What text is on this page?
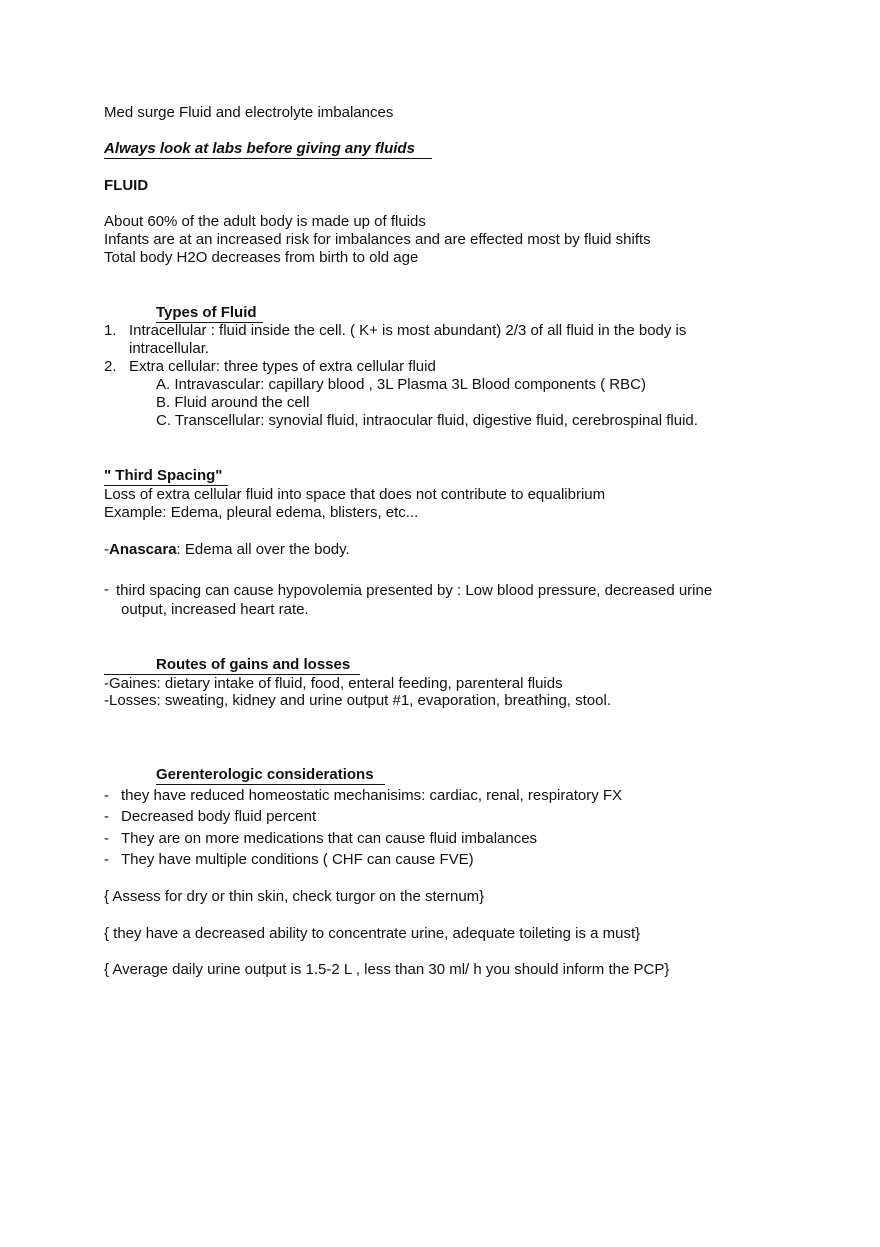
Med surge Fluid and electrolyte imbalances
Always look at labs before giving any fluids
FLUID
About 60% of the adult body is made up of fluids
Infants are at an increased risk for imbalances and are effected most by fluid shifts
Total body H2O decreases from birth to old age
Types of Fluid
1. Intracellular : fluid inside the cell. ( K+ is most abundant) 2/3 of all fluid in the body is
intracellular.
2. Extra cellular: three types of extra cellular fluid
A. Intravascular: capillary blood , 3L Plasma 3L Blood components ( RBC)
B. Fluid around the cell
C. Transcellular: synovial fluid, intraocular fluid, digestive fluid, cerebrospinal fluid.
" Third Spacing"
Loss of extra cellular fluid into space that does not contribute to equalibrium
Example: Edema, pleural edema, blisters, etc...
-Anascara: Edema all over the body.
- third spacing can cause hypovolemia presented by : Low blood pressure, decreased urine
output, increased heart rate.
Routes of gains and losses
-Gaines: dietary intake of fluid, food, enteral feeding, parenteral fluids
-Losses: sweating, kidney and urine output #1, evaporation, breathing, stool.
Gerenterologic considerations
- they have reduced homeostatic mechanisims: cardiac, renal, respiratory FX
- Decreased body fluid percent
- They are on more medications that can cause fluid imbalances
- They have multiple conditions ( CHF can cause FVE)
{ Assess for dry or thin skin, check turgor on the sternum}
{ they have a decreased ability to concentrate urine, adequate toileting is a must}
{ Average daily urine output is 1.5-2 L , less than 30 ml/ h you should inform the PCP}
